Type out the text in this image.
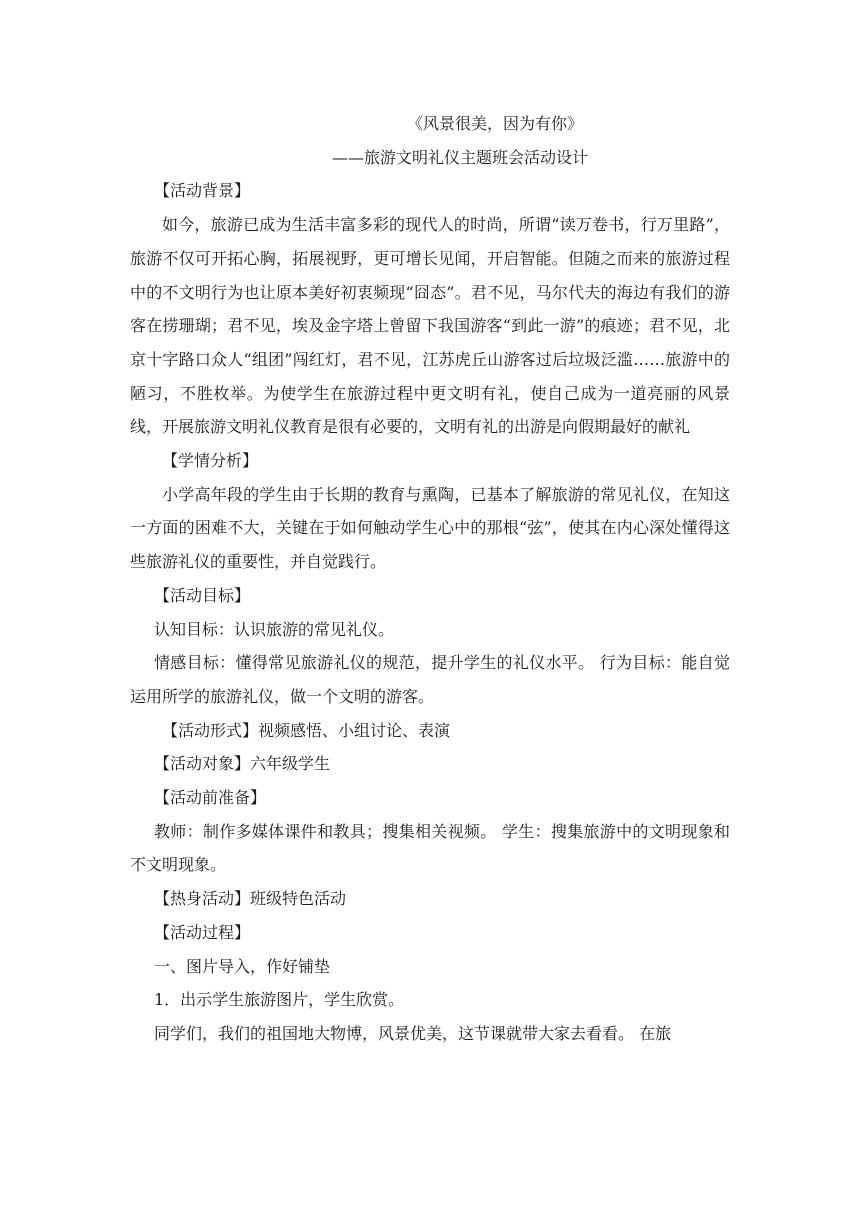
《风景很美，因为有你》

——旅游文明礼仪主题班会活动设计

【活动背景】

如今，旅游已成为生活丰富多彩的现代人的时尚，所谓“读万卷书，行万里路”，旅游不仅可开拓心胸，拓展视野，更可增长见闻，开启智能。但随之而来的旅游过程中的不文明行为也让原本美好初衷频现“囧态”。君不见，马尔代夫的海边有我们的游客在捞珊瑚；君不见，埃及金字塔上曾留下我国游客“到此一游”的痕迹；君不见，北京十字路口众人“组团”闯红灯，君不见，江苏虎丘山游客过后垃圾泛滥……旅游中的陋习，不胜枚举。为使学生在旅游过程中更文明有礼，使自己成为一道亮丽的风景线，开展旅游文明礼仪教育是很有必要的，文明有礼的出游是向假期最好的献礼

【学情分析】

小学高年段的学生由于长期的教育与熏陶，已基本了解旅游的常见礼仪，在知这一方面的困难不大，关键在于如何触动学生心中的那根“弦”，使其在内心深处懂得这些旅游礼仪的重要性，并自觉践行。

【活动目标】

认知目标：认识旅游的常见礼仪。

情感目标：懂得常见旅游礼仪的规范，提升学生的礼仪水平。 行为目标：能自觉运用所学的旅游礼仪，做一个文明的游客。

【活动形式】视频感悟、小组讨论、表演

【活动对象】六年级学生

【活动前准备】

教师：制作多媒体课件和教具；搜集相关视频。 学生：搜集旅游中的文明现象和不文明现象。

【热身活动】班级特色活动

【活动过程】

一、图片导入，作好铺垫

1．出示学生旅游图片，学生欣赏。

同学们，我们的祖国地大物博，风景优美，这节课就带大家去看看。 在旅
